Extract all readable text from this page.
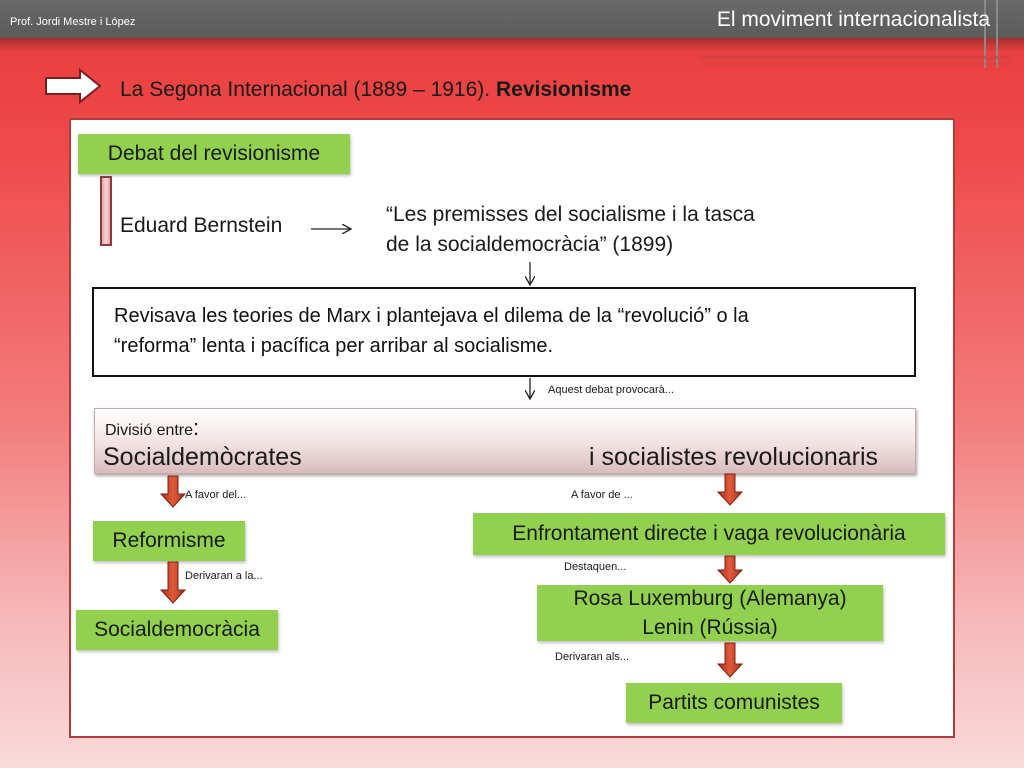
Prof. Jordi Mestre i López	El moviment internacionalista
La Segona Internacional (1889 – 1916). Revisionisme
Debat del revisionisme
Eduard Bernstein	“Les premisses del socialisme i la tasca
de la socialdemocràcia” (1899)
Revisava les teories de Marx i plantejava el dilema de la “revolució” o la
“reforma” lenta i pacífica per arribar al socialisme.
Aquest debat provocarà...
Divisió entre:
Socialdemòcrates	i socialistes revolucionaris
A favor del...	A favor de ...
Reformisme	Enfrontament directe i vaga revolucionària
Derivaran a la...
Destaquen...
Socialdemocràcia
Rosa Luxemburg (Alemanya)
Lenin (Rússia)
Derivaran als...
Partits comunistes
